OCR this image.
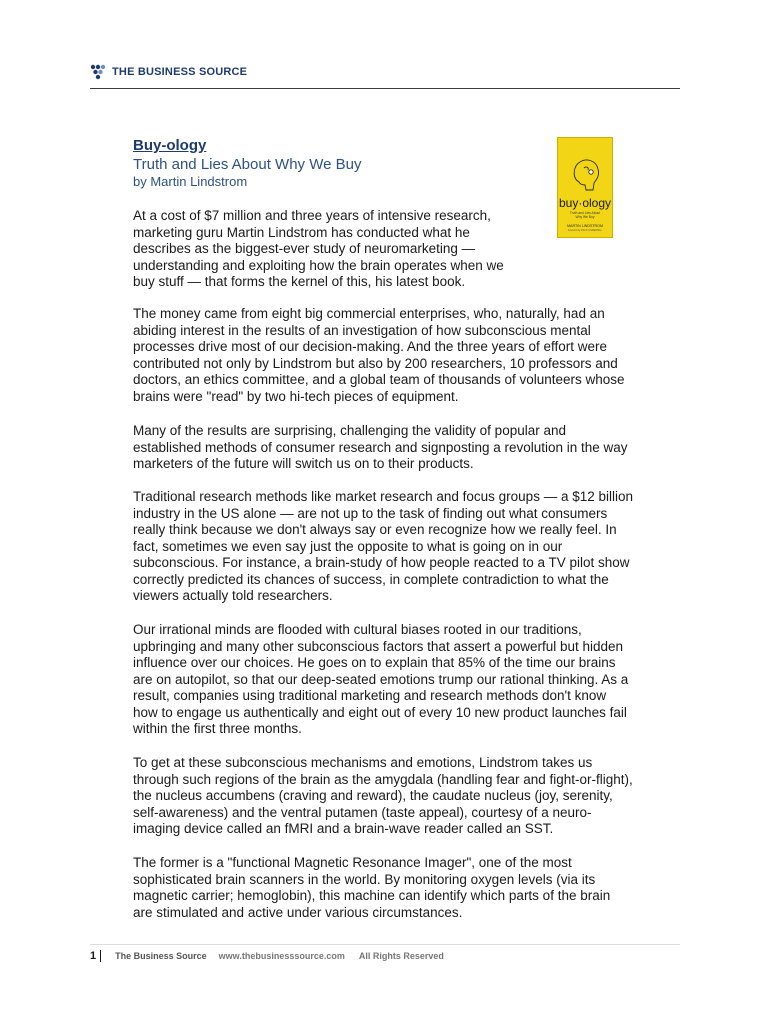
THE BUSINESS SOURCE
Buy-ology
Truth and Lies About Why We Buy
by Martin Lindstrom
buy·ology
Truth and Lies About
Why We Buy
MARTIN LINDSTROM
foreword by PACO UNDERHILL

At a cost of $7 million and three years of intensive research, marketing guru Martin Lindstrom has conducted what he describes as the biggest-ever study of neuromarketing — understanding and exploiting how the brain operates when we buy stuff — that forms the kernel of this, his latest book.

The money came from eight big commercial enterprises, who, naturally, had an abiding interest in the results of an investigation of how subconscious mental processes drive most of our decision-making. And the three years of effort were contributed not only by Lindstrom but also by 200 researchers, 10 professors and doctors, an ethics committee, and a global team of thousands of volunteers whose brains were "read" by two hi-tech pieces of equipment.

Many of the results are surprising, challenging the validity of popular and established methods of consumer research and signposting a revolution in the way marketers of the future will switch us on to their products.

Traditional research methods like market research and focus groups — a $12 billion industry in the US alone — are not up to the task of finding out what consumers really think because we don't always say or even recognize how we really feel. In fact, sometimes we even say just the opposite to what is going on in our subconscious. For instance, a brain-study of how people reacted to a TV pilot show correctly predicted its chances of success, in complete contradiction to what the viewers actually told researchers.

Our irrational minds are flooded with cultural biases rooted in our traditions, upbringing and many other subconscious factors that assert a powerful but hidden influence over our choices. He goes on to explain that 85% of the time our brains are on autopilot, so that our deep-seated emotions trump our rational thinking. As a result, companies using traditional marketing and research methods don't know how to engage us authentically and eight out of every 10 new product launches fail within the first three months.

To get at these subconscious mechanisms and emotions, Lindstrom takes us through such regions of the brain as the amygdala (handling fear and fight-or-flight), the nucleus accumbens (craving and reward), the caudate nucleus (joy, serenity, self-awareness) and the ventral putamen (taste appeal), courtesy of a neuro-imaging device called an fMRI and a brain-wave reader called an SST.

The former is a "functional Magnetic Resonance Imager", one of the most sophisticated brain scanners in the world. By monitoring oxygen levels (via its magnetic carrier; hemoglobin), this machine can identify which parts of the brain are stimulated and active under various circumstances.

1 The Business Source www.thebusinesssource.com All Rights Reserved
